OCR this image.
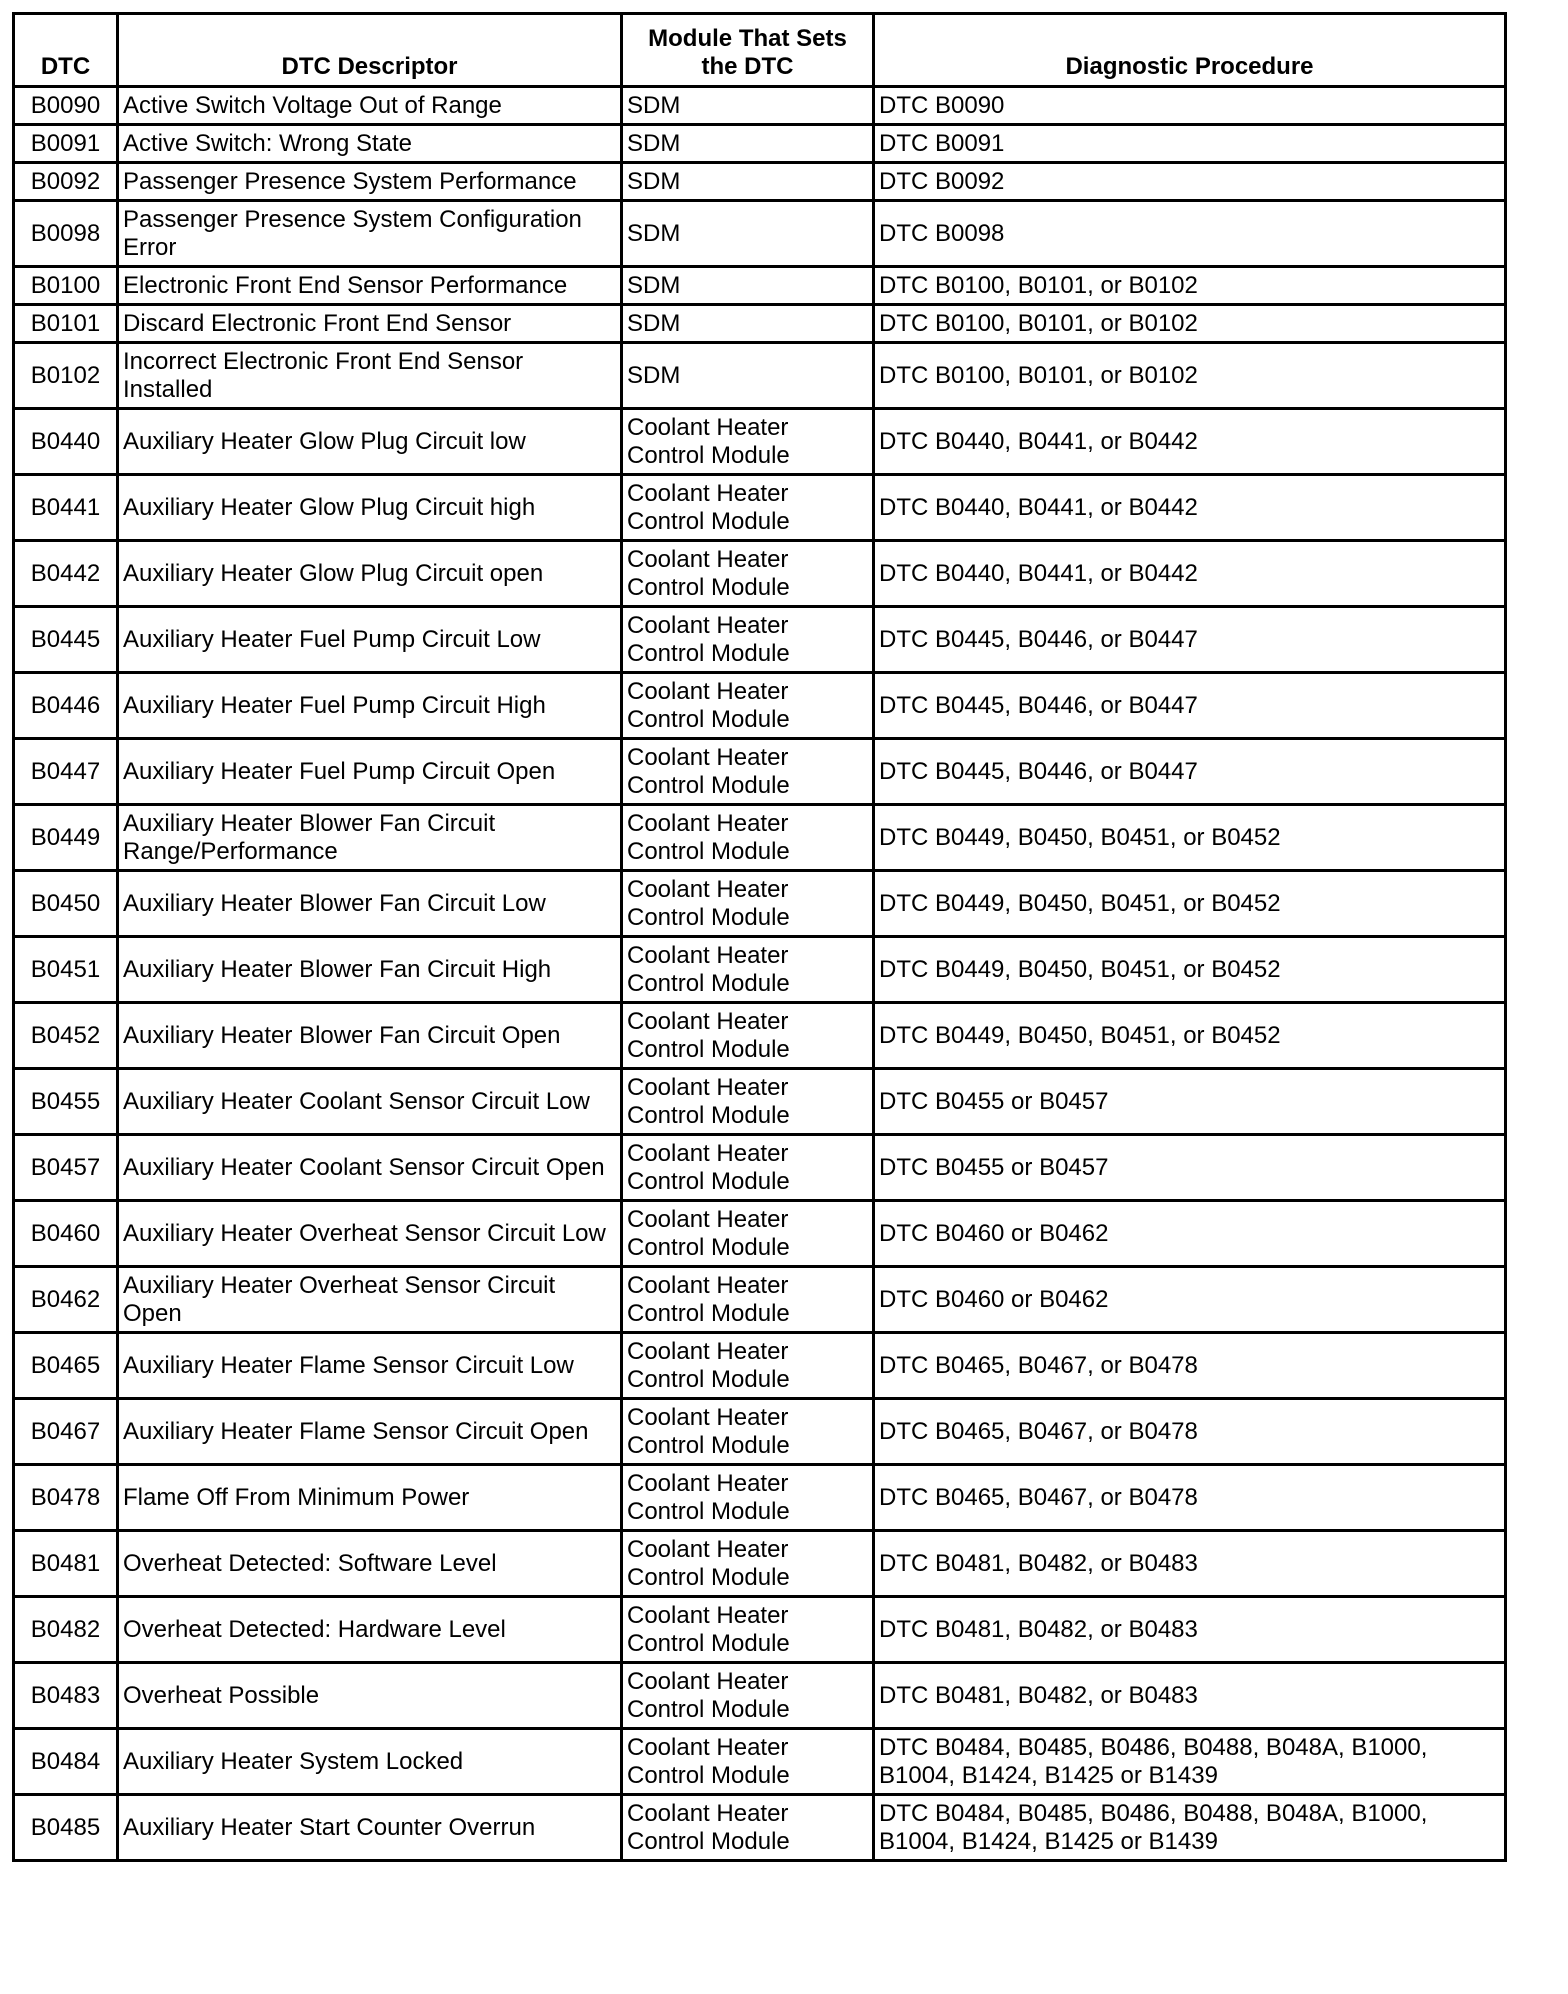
DTC	DTC Descriptor	Module That Sets the DTC	Diagnostic Procedure
B0090	Active Switch Voltage Out of Range	SDM	DTC B0090
B0091	Active Switch: Wrong State	SDM	DTC B0091
B0092	Passenger Presence System Performance	SDM	DTC B0092
B0098	Passenger Presence System Configuration Error	SDM	DTC B0098
B0100	Electronic Front End Sensor Performance	SDM	DTC B0100, B0101, or B0102
B0101	Discard Electronic Front End Sensor	SDM	DTC B0100, B0101, or B0102
B0102	Incorrect Electronic Front End Sensor Installed	SDM	DTC B0100, B0101, or B0102
B0440	Auxiliary Heater Glow Plug Circuit low	Coolant Heater Control Module	DTC B0440, B0441, or B0442
B0441	Auxiliary Heater Glow Plug Circuit high	Coolant Heater Control Module	DTC B0440, B0441, or B0442
B0442	Auxiliary Heater Glow Plug Circuit open	Coolant Heater Control Module	DTC B0440, B0441, or B0442
B0445	Auxiliary Heater Fuel Pump Circuit Low	Coolant Heater Control Module	DTC B0445, B0446, or B0447
B0446	Auxiliary Heater Fuel Pump Circuit High	Coolant Heater Control Module	DTC B0445, B0446, or B0447
B0447	Auxiliary Heater Fuel Pump Circuit Open	Coolant Heater Control Module	DTC B0445, B0446, or B0447
B0449	Auxiliary Heater Blower Fan Circuit Range/Performance	Coolant Heater Control Module	DTC B0449, B0450, B0451, or B0452
B0450	Auxiliary Heater Blower Fan Circuit Low	Coolant Heater Control Module	DTC B0449, B0450, B0451, or B0452
B0451	Auxiliary Heater Blower Fan Circuit High	Coolant Heater Control Module	DTC B0449, B0450, B0451, or B0452
B0452	Auxiliary Heater Blower Fan Circuit Open	Coolant Heater Control Module	DTC B0449, B0450, B0451, or B0452
B0455	Auxiliary Heater Coolant Sensor Circuit Low	Coolant Heater Control Module	DTC B0455 or B0457
B0457	Auxiliary Heater Coolant Sensor Circuit Open	Coolant Heater Control Module	DTC B0455 or B0457
B0460	Auxiliary Heater Overheat Sensor Circuit Low	Coolant Heater Control Module	DTC B0460 or B0462
B0462	Auxiliary Heater Overheat Sensor Circuit Open	Coolant Heater Control Module	DTC B0460 or B0462
B0465	Auxiliary Heater Flame Sensor Circuit Low	Coolant Heater Control Module	DTC B0465, B0467, or B0478
B0467	Auxiliary Heater Flame Sensor Circuit Open	Coolant Heater Control Module	DTC B0465, B0467, or B0478
B0478	Flame Off From Minimum Power	Coolant Heater Control Module	DTC B0465, B0467, or B0478
B0481	Overheat Detected: Software Level	Coolant Heater Control Module	DTC B0481, B0482, or B0483
B0482	Overheat Detected: Hardware Level	Coolant Heater Control Module	DTC B0481, B0482, or B0483
B0483	Overheat Possible	Coolant Heater Control Module	DTC B0481, B0482, or B0483
B0484	Auxiliary Heater System Locked	Coolant Heater Control Module	DTC B0484, B0485, B0486, B0488, B048A, B1000, B1004, B1424, B1425 or B1439
B0485	Auxiliary Heater Start Counter Overrun	Coolant Heater Control Module	DTC B0484, B0485, B0486, B0488, B048A, B1000, B1004, B1424, B1425 or B1439
